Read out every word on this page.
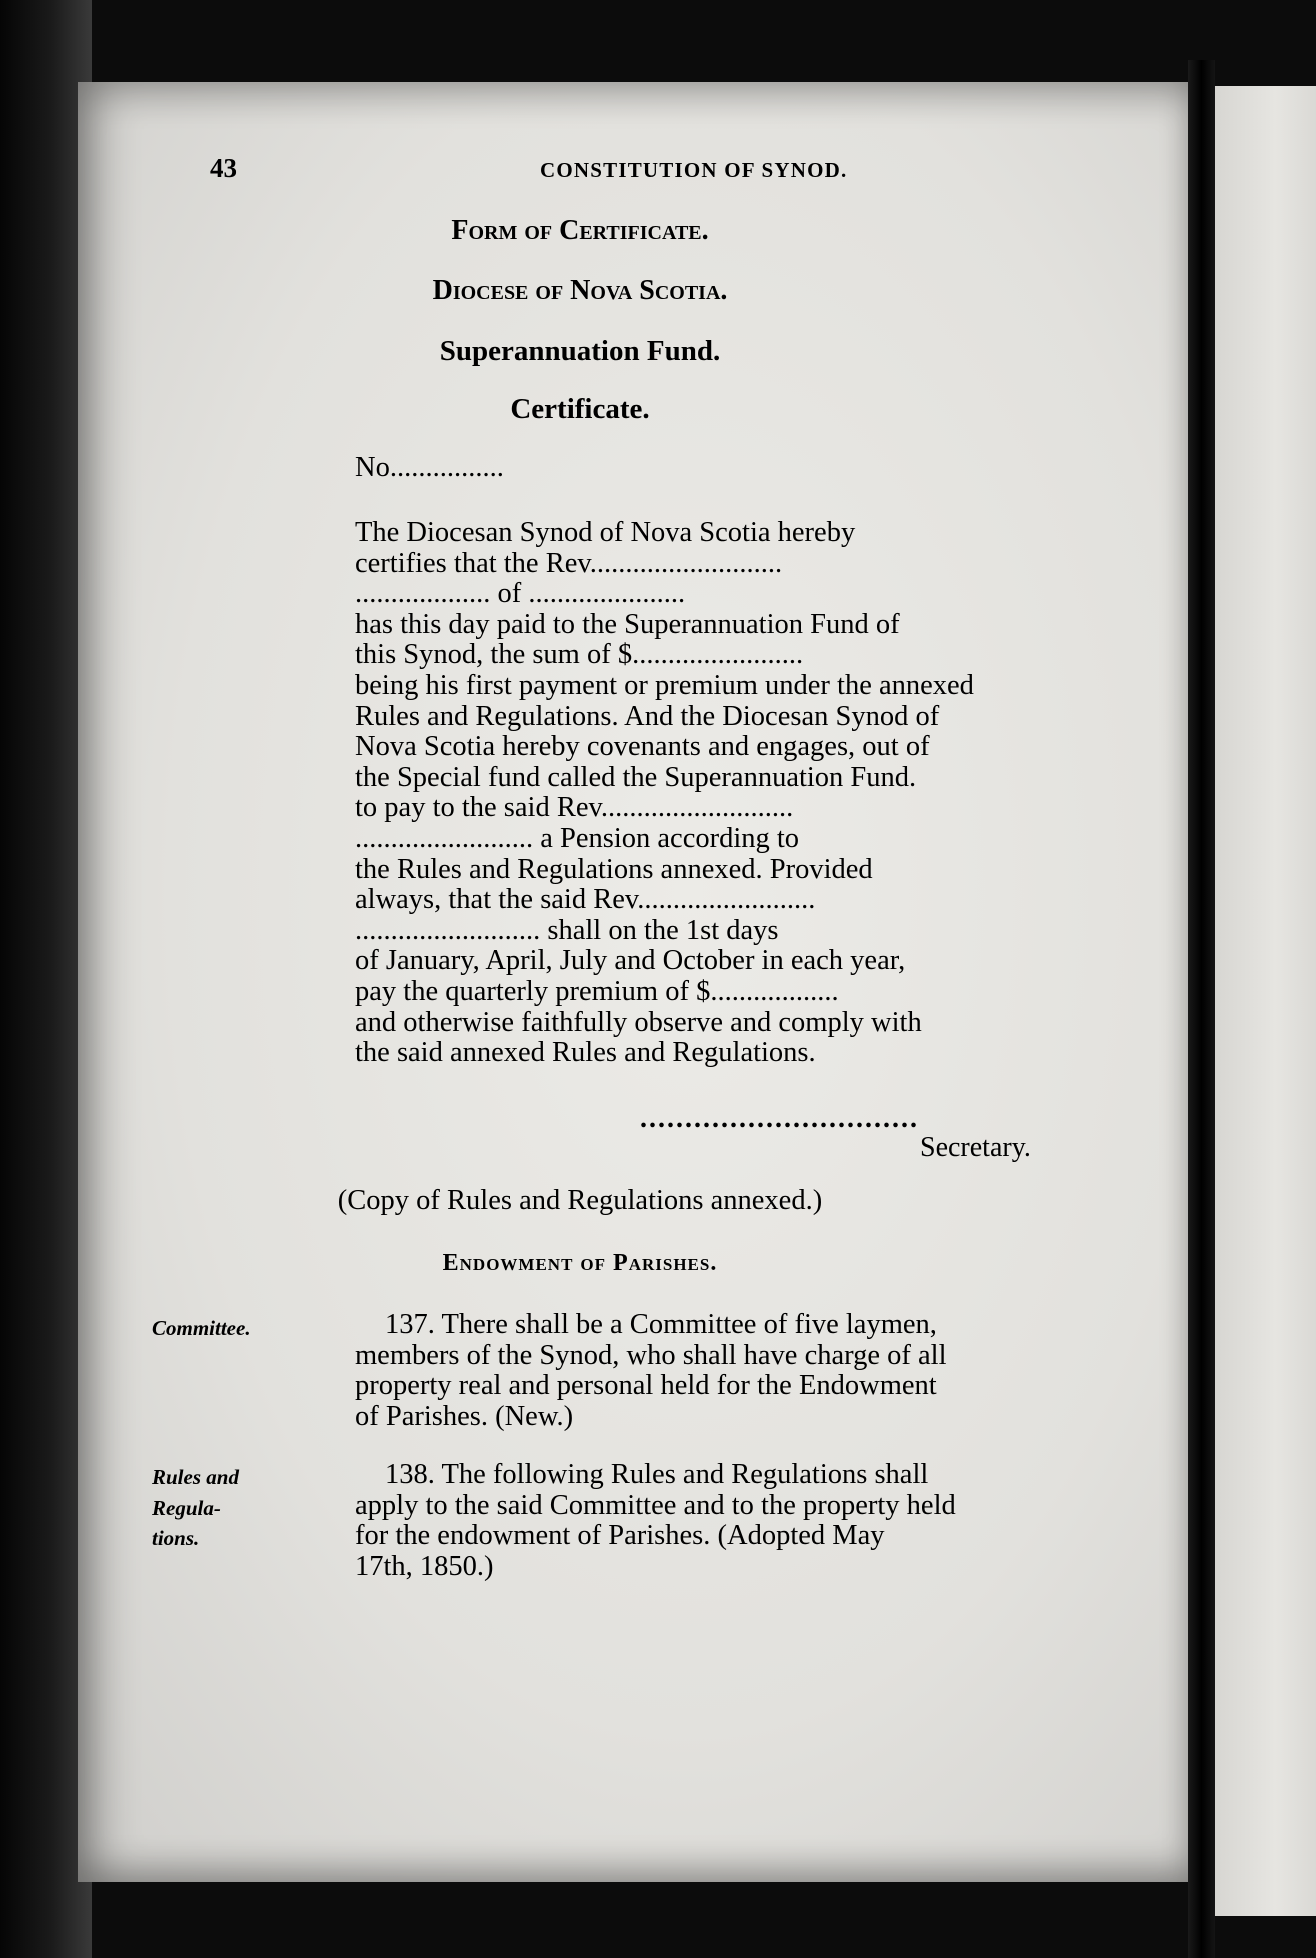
43	CONSTITUTION OF SYNOD.
Form of Certificate.
Diocese of Nova Scotia.
Superannuation Fund.
Certificate.
No................
The Diocesan Synod of Nova Scotia hereby
certifies that the Rev...........................
................... of ......................
has this day paid to the Superannuation Fund of
this Synod, the sum of $........................
being his first payment or premium under the annexed
Rules and Regulations. And the Diocesan Synod of
Nova Scotia hereby covenants and engages, out of
the Special fund called the Superannuation Fund.
to pay to the said Rev...........................
......................... a Pension according to
the Rules and Regulations annexed. Provided
always, that the said Rev.........................
.......................... shall on the 1st days
of January, April, July and October in each year,
pay the quarterly premium of $..................
and otherwise faithfully observe and comply with
the said annexed Rules and Regulations.
...............................
Secretary.
(Copy of Rules and Regulations annexed.)
Endowment of Parishes.
Committee.	137. There shall be a Committee of five laymen,
members of the Synod, who shall have charge of all
property real and personal held for the Endowment
of Parishes. (New.)
Rules and
Regula-
tions.
138. The following Rules and Regulations shall
apply to the said Committee and to the property held
for the endowment of Parishes. (Adopted May
17th, 1850.)
